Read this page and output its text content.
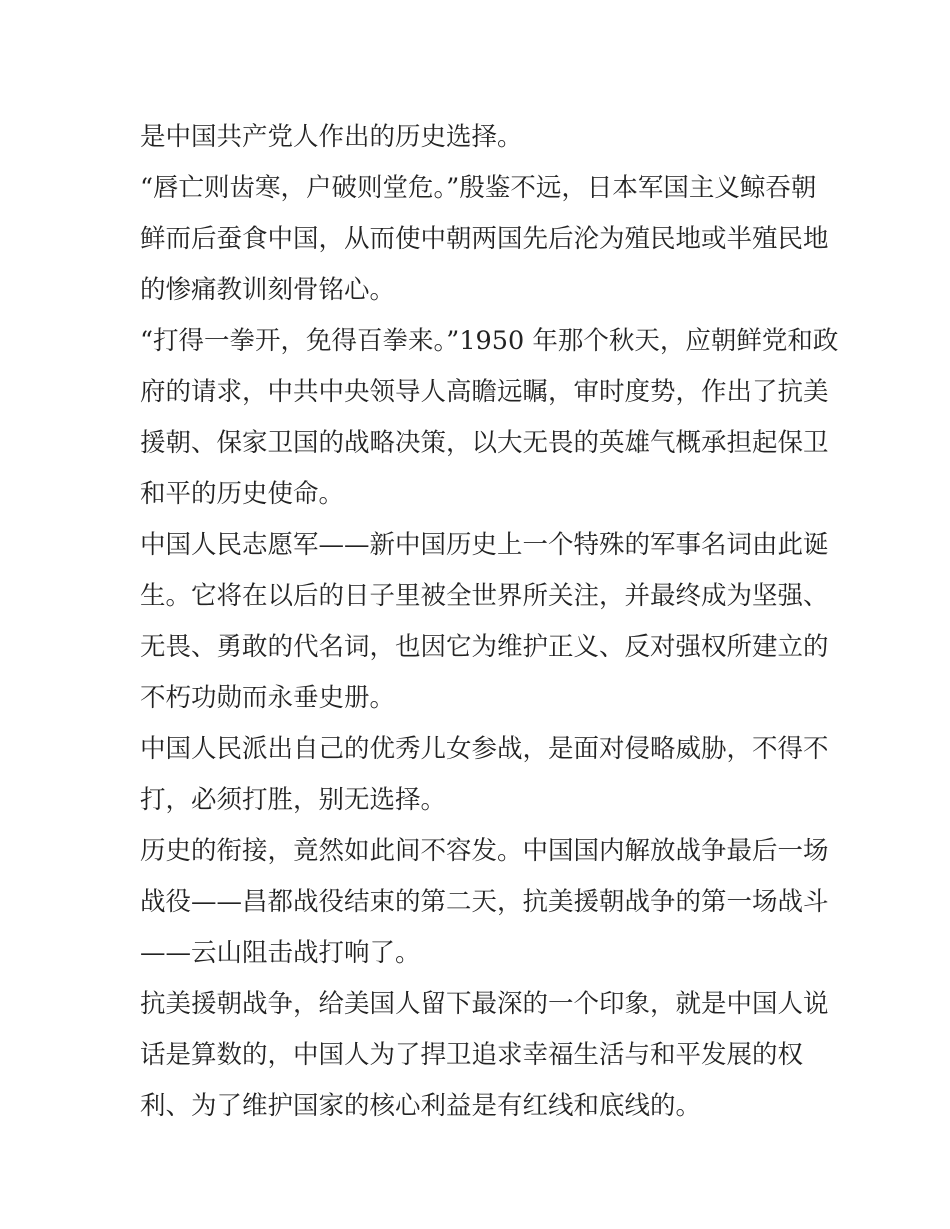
是中国共产党人作出的历史选择。

“唇亡则齿寒，户破则堂危。”殷鉴不远，日本军国主义鲸吞朝
鲜而后蚕食中国，从而使中朝两国先后沦为殖民地或半殖民地
的惨痛教训刻骨铭心。

“打得一拳开，免得百拳来。”1950 年那个秋天，应朝鲜党和政
府的请求，中共中央领导人高瞻远瞩，审时度势，作出了抗美
援朝、保家卫国的战略决策，以大无畏的英雄气概承担起保卫
和平的历史使命。

中国人民志愿军——新中国历史上一个特殊的军事名词由此诞
生。它将在以后的日子里被全世界所关注，并最终成为坚强、
无畏、勇敢的代名词，也因它为维护正义、反对强权所建立的
不朽功勋而永垂史册。

中国人民派出自己的优秀儿女参战，是面对侵略威胁，不得不
打，必须打胜，别无选择。

历史的衔接，竟然如此间不容发。中国国内解放战争最后一场
战役——昌都战役结束的第二天，抗美援朝战争的第一场战斗
——云山阻击战打响了。

抗美援朝战争，给美国人留下最深的一个印象，就是中国人说
话是算数的，中国人为了捍卫追求幸福生活与和平发展的权
利、为了维护国家的核心利益是有红线和底线的。
